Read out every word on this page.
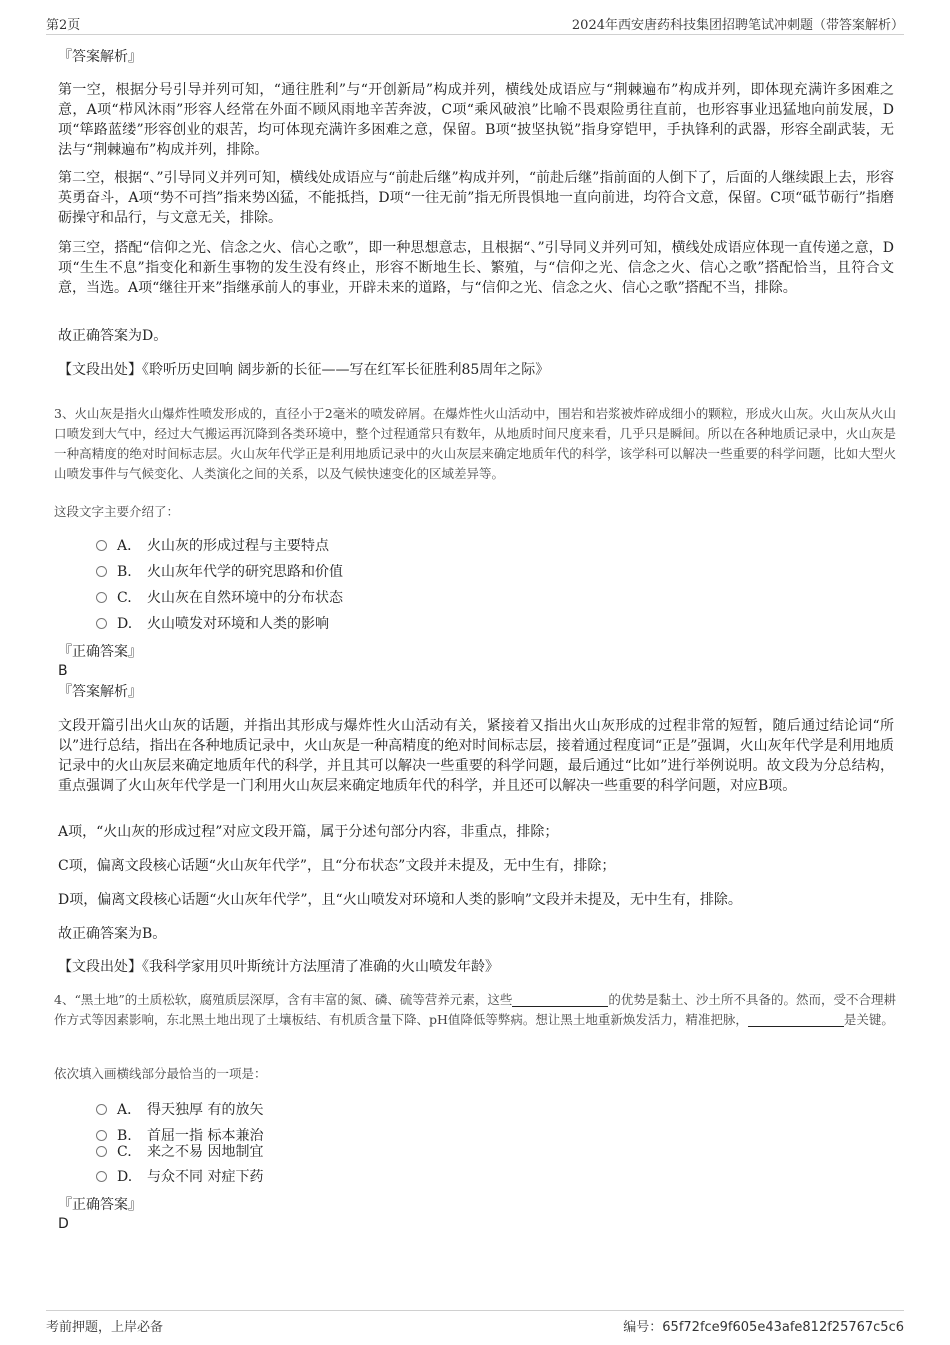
第2页	2024年西安唐药科技集团招聘笔试冲刺题（带答案解析）

『答案解析』

第一空，根据分号引导并列可知，“通往胜利”与“开创新局”构成并列，横线处成语应与“荆棘遍布”构成并列，即体现充满许多困难之意，A项“栉风沐雨”形容人经常在外面不顾风雨地辛苦奔波，C项“乘风破浪”比喻不畏艰险勇往直前，也形容事业迅猛地向前发展，D项“筚路蓝缕”形容创业的艰苦，均可体现充满许多困难之意，保留。B项“披坚执锐”指身穿铠甲，手执锋利的武器，形容全副武装，无法与“荆棘遍布”构成并列，排除。

第二空，根据“、”引导同义并列可知，横线处成语应与“前赴后继”构成并列，“前赴后继”指前面的人倒下了，后面的人继续跟上去，形容英勇奋斗，A项“势不可挡”指来势凶猛，不能抵挡，D项“一往无前”指无所畏惧地一直向前进，均符合文意，保留。C项“砥节砺行”指磨砺操守和品行，与文意无关，排除。

第三空，搭配“信仰之光、信念之火、信心之歌”，即一种思想意志，且根据“、”引导同义并列可知，横线处成语应体现一直传递之意，D项“生生不息”指变化和新生事物的发生没有终止，形容不断地生长、繁殖，与“信仰之光、信念之火、信心之歌”搭配恰当，且符合文意，当选。A项“继往开来”指继承前人的事业，开辟未来的道路，与“信仰之光、信念之火、信心之歌”搭配不当，排除。

故正确答案为D。

【文段出处】《聆听历史回响 阔步新的长征——写在红军长征胜利85周年之际》

3、火山灰是指火山爆炸性喷发形成的，直径小于2毫米的喷发碎屑。在爆炸性火山活动中，围岩和岩浆被炸碎成细小的颗粒，形成火山灰。火山灰从火山口喷发到大气中，经过大气搬运再沉降到各类环境中，整个过程通常只有数年，从地质时间尺度来看，几乎只是瞬间。所以在各种地质记录中，火山灰是一种高精度的绝对时间标志层。火山灰年代学正是利用地质记录中的火山灰层来确定地质年代的科学，该学科可以解决一些重要的科学问题，比如大型火山喷发事件与气候变化、人类演化之间的关系，以及气候快速变化的区域差异等。

这段文字主要介绍了：

A． 火山灰的形成过程与主要特点
B. 火山灰年代学的研究思路和价值
C. 火山灰在自然环境中的分布状态
D. 火山喷发对环境和人类的影响

『正确答案』

B

『答案解析』

文段开篇引出火山灰的话题，并指出其形成与爆炸性火山活动有关，紧接着又指出火山灰形成的过程非常的短暂，随后通过结论词“所以”进行总结，指出在各种地质记录中，火山灰是一种高精度的绝对时间标志层，接着通过程度词“正是”强调，火山灰年代学是利用地质记录中的火山灰层来确定地质年代的科学，并且其可以解决一些重要的科学问题，最后通过“比如”进行举例说明。故文段为分总结构，重点强调了火山灰年代学是一门利用火山灰层来确定地质年代的科学，并且还可以解决一些重要的科学问题，对应B项。

A项，“火山灰的形成过程”对应文段开篇，属于分述句部分内容，非重点，排除；

C项，偏离文段核心话题“火山灰年代学”，且“分布状态”文段并未提及，无中生有，排除；

D项，偏离文段核心话题“火山灰年代学”，且“火山喷发对环境和人类的影响”文段并未提及，无中生有，排除。

故正确答案为B。

【文段出处】《我科学家用贝叶斯统计方法厘清了准确的火山喷发年龄》

4、“黑土地”的土质松软，腐殖质层深厚，含有丰富的氮、磷、硫等营养元素，这些	的优势是黏土、沙土所不具备的。然而，受不合理耕作方式等因素影响，东北黑土地出现了土壤板结、有机质含量下降、pH值降低等弊病。想让黑土地重新焕发活力，精准把脉，	是关键。

依次填入画横线部分最恰当的一项是：

A． 得天独厚 有的放矢
B. 首屈一指 标本兼治
C. 来之不易 因地制宜
D. 与众不同 对症下药

『正确答案』

D

考前押题，上岸必备	编号：65f72fce9f605e43afe812f25767c5c6
